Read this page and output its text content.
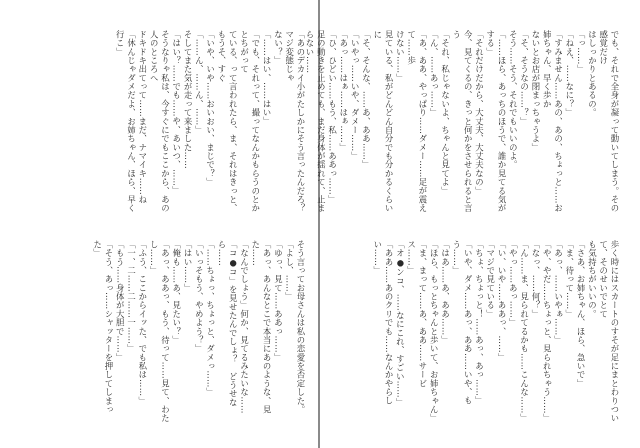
「あのデカイ小がたしかにそう言ったんだろ？　マジ変態じゃ

ない？」

「……はい、……はい」

「でも、それって、撮ってなんかもらうのとかとちがって

ている、って言われたら、ま、それはきっと、もうそ、すぐ

「いや、いや……おいおい、まじで？」

「……ん、……ん、……」

そしてまた気が走って来ました……

「はい？……でも……や、あいつ、……」

そうなりゃ私は、今すぐにでもここから、あの人のところへ

ドキドキ出てって……まだ、ナマイキ……ね

「休んじゃダメだよ、お姉ちゃん、ほら、早く行こ」

そう言ってお母さんは私の恋愛を否定した。

「よし、……」

「ゆっ、見て……ああっ……」

「あっ、あんなとこで本当にあのような、見た……

「なんでしょう」何か、見てるみたいな……

「コ●コ」を見せたんでしょ？　どうせなら……

「……ちょっ、ちょっと、ダメっ……」

「いっそもう、やめよう？」

「はい……」

「俺も……あ、見たい？」

「あっ、ああっ、もう、待って……見て、わたし……」

「ふう、ここからイッた、でも私は……」

「一、二……二……一……」

「もう……身体が大胆で……」

「そう、あっ……シャッターを押してしまった」

でも、それで全身が凝って動いてしまう。その感覚だけ

はしっかりとあるの。

「っ……」

「ねえ、……なに？」

「すみません……あの、あの、ちょっと……お姉ちゃん、早く歩か

ないとお店が閉まっちゃうよ」

「そ、そうなの……？」

そう……そう、それでもいいのよ。

「……ほら、あっちのほうで、誰か見てる気がする」

「それだけだから、大丈夫、大丈夫なの」

今、見てくるの、きっと何かをさせられると言う

「それ、私じゃないよ、ちゃんと見てよ」

「ん、……あっ……」

「あ、ああ、やっぱり……ダメー……足が震えて……歩

けない……」

見ている、私がどんどん自分でも分かるくらいに

「そ、そんな、……あ、ああ……」

「いやっ……いや、ダメー……」

「あっ……はぁ……はぁ……」

「ひ、ひどい……もう、私……ああっ……」

足の動きを止めても、まだ身体が揺れて、止まらない……

歩く時にはスカートのすそが足にまとわりついて、そのせいでとて

も気持ちがいいの。

「さあ、お姉ちゃん、ほら、急いで」

「ま、待って……」

「あっ、……いやぁ……」

「や、やだ……ちょっと、見られちゃう……」

「なっ、……何？」

「ん……ま、見られてるかも……こんな……」

「やっ……あっ……」

「い、いや……ああっ、……」

「マジで見ている」

「ちょ、ちょっと！……あっ、あっ……」

「いや、ダメ……あっ、ああ……いや、もう……」

「はあ……あ、ああ……」

「ほら、もっとちゃんと歩いて、お姉ちゃん」

「ま、まって……あ、ああ……サービ

ス……」

「オ●ンコ、……なにこれ、すごい……」

「ああ……あのクリでも……なんかやらしい……」
